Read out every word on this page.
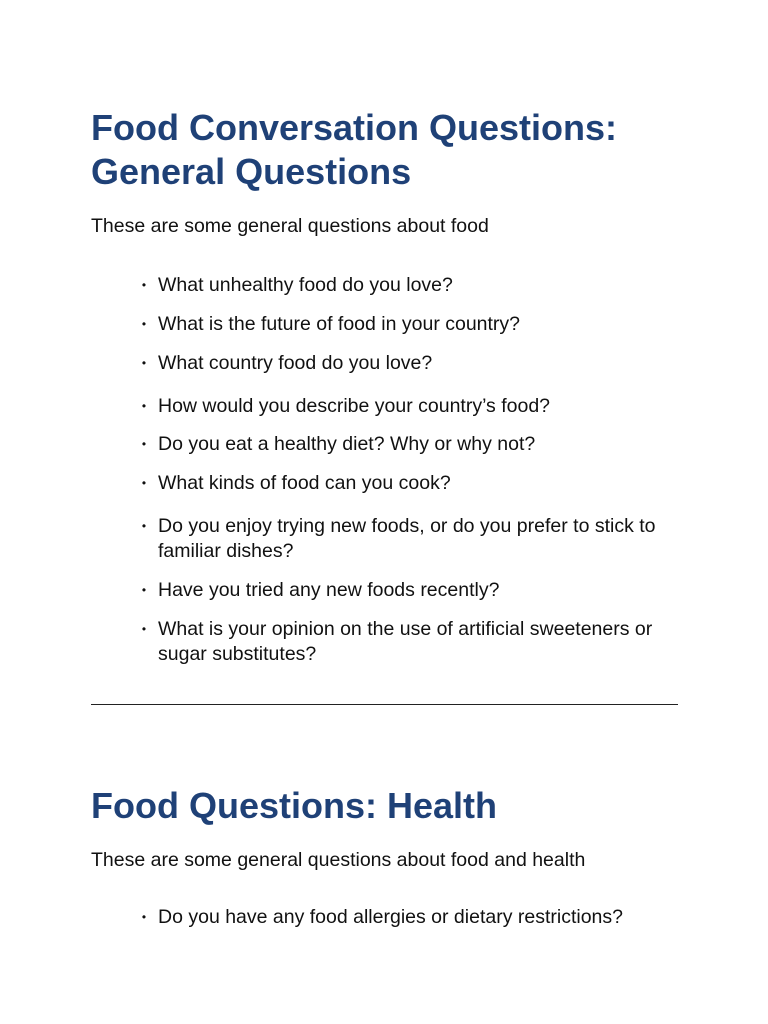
Food Conversation Questions:
General Questions

These are some general questions about food

• What unhealthy food do you love?
• What is the future of food in your country?
• What country food do you love?
• How would you describe your country’s food?
• Do you eat a healthy diet? Why or why not?
• What kinds of food can you cook?
• Do you enjoy trying new foods, or do you prefer to stick to familiar dishes?
• Have you tried any new foods recently?
• What is your opinion on the use of artificial sweeteners or sugar substitutes?
Food Questions: Health

These are some general questions about food and health

• Do you have any food allergies or dietary restrictions?
